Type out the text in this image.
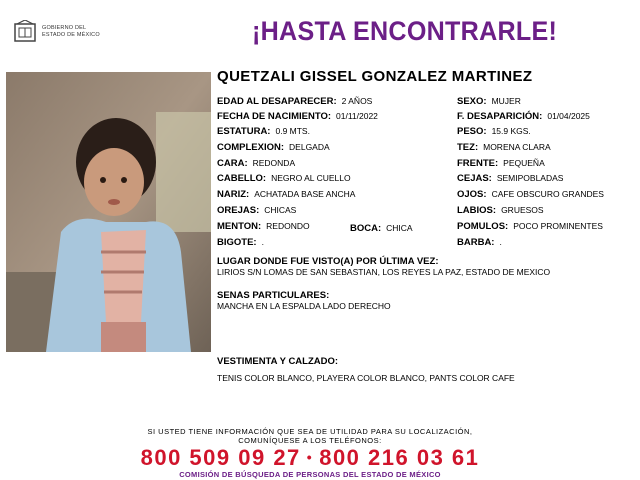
GOBIERNO DEL
ESTADO DE MÉXICO	¡HASTA ENCONTRARLE!
QUETZALI GISSEL GONZALEZ MARTINEZ
EDAD AL DESAPARECER: 2 AÑOS
FECHA DE NACIMIENTO: 01/11/2022
ESTATURA: 0.9 MTS.
COMPLEXION: DELGADA
CARA: REDONDA
CABELLO: NEGRO AL CUELLO
NARIZ: ACHATADA BASE ANCHA
OREJAS: CHICAS
MENTON: REDONDO	BOCA: CHICA
BIGOTE: .
SEXO: MUJER
F. DESAPARICIÓN: 01/04/2025
PESO: 15.9 KGS.
TEZ: MORENA CLARA
FRENTE: PEQUEÑA
CEJAS: SEMIPOBLADAS
OJOS: CAFE OBSCURO GRANDES
LABIOS: GRUESOS
POMULOS: POCO PROMINENTES
BARBA: .
LUGAR DONDE FUE VISTO(A) POR ÚLTIMA VEZ:
LIRIOS S/N LOMAS DE SAN SEBASTIAN, LOS REYES LA PAZ, ESTADO DE MEXICO
SENAS PARTICULARES:
MANCHA EN LA ESPALDA LADO DERECHO
VESTIMENTA Y CALZADO:
TENIS COLOR BLANCO, PLAYERA COLOR BLANCO, PANTS COLOR CAFE
SI USTED TIENE INFORMACIÓN QUE SEA DE UTILIDAD PARA SU LOCALIZACIÓN,
COMUNÍQUESE A LOS TELÉFONOS:
800 509 09 27 • 800 216 03 61
COMISIÓN DE BÚSQUEDA DE PERSONAS DEL ESTADO DE MÉXICO
